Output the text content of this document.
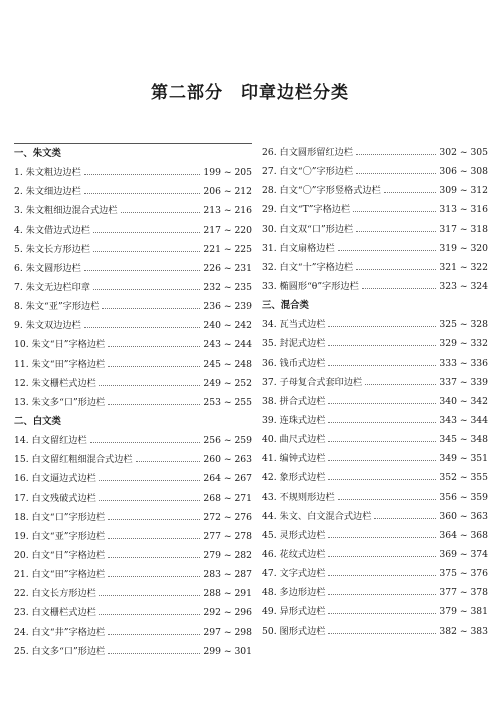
第二部分　印章边栏分类
一、朱文类
1. 朱文粗边边栏	199 ~ 205
2. 朱文细边边栏	206 ~ 212
3. 朱文粗细边混合式边栏	213 ~ 216
4. 朱文借边式边栏	217 ~ 220
5. 朱文长方形边栏	221 ~ 225
6. 朱文圆形边栏	226 ~ 231
7. 朱文无边栏印章	232 ~ 235
8. 朱文“亚”字形边栏	236 ~ 239
9. 朱文双边边栏	240 ~ 242
10. 朱文“日”字格边栏	243 ~ 244
11. 朱文“田”字格边栏	245 ~ 248
12. 朱文栅栏式边栏	249 ~ 252
13. 朱文多“口”形边栏	253 ~ 255
二、白文类
14. 白文留红边栏	256 ~ 259
15. 白文留红粗细混合式边栏	260 ~ 263
16. 白文逼边式边栏	264 ~ 267
17. 白文残破式边栏	268 ~ 271
18. 白文“口”字形边栏	272 ~ 276
19. 白文“亚”字形边栏	277 ~ 278
20. 白文“日”字格边栏	279 ~ 282
21. 白文“田”字格边栏	283 ~ 287
22. 白文长方形边栏	288 ~ 291
23. 白文栅栏式边栏	292 ~ 296
24. 白文“井”字格边栏	297 ~ 298
25. 白文多“口”形边栏	299 ~ 301
26. 白文圆形留红边栏	302 ~ 305
27. 白文“〇”字形边栏	306 ~ 308
28. 白文“〇”字形竖格式边栏	309 ~ 312
29. 白文“T”字格边栏	313 ~ 316
30. 白文双“口”形边栏	317 ~ 318
31. 白文扇格边栏	319 ~ 320
32. 白文“十”字格边栏	321 ~ 322
33. 椭圆形“θ”字形边栏	323 ~ 324
三、混合类
34. 瓦当式边栏	325 ~ 328
35. 封泥式边栏	329 ~ 332
36. 钱币式边栏	333 ~ 336
37. 子母复合式套印边栏	337 ~ 339
38. 拼合式边栏	340 ~ 342
39. 连珠式边栏	343 ~ 344
40. 曲尺式边栏	345 ~ 348
41. 编钟式边栏	349 ~ 351
42. 象形式边栏	352 ~ 355
43. 不规则形边栏	356 ~ 359
44. 朱文、白文混合式边栏	360 ~ 363
45. 灵形式边栏	364 ~ 368
46. 花纹式边栏	369 ~ 374
47. 文字式边栏	375 ~ 376
48. 多边形边栏	377 ~ 378
49. 异形式边栏	379 ~ 381
50. 图形式边栏	382 ~ 383
